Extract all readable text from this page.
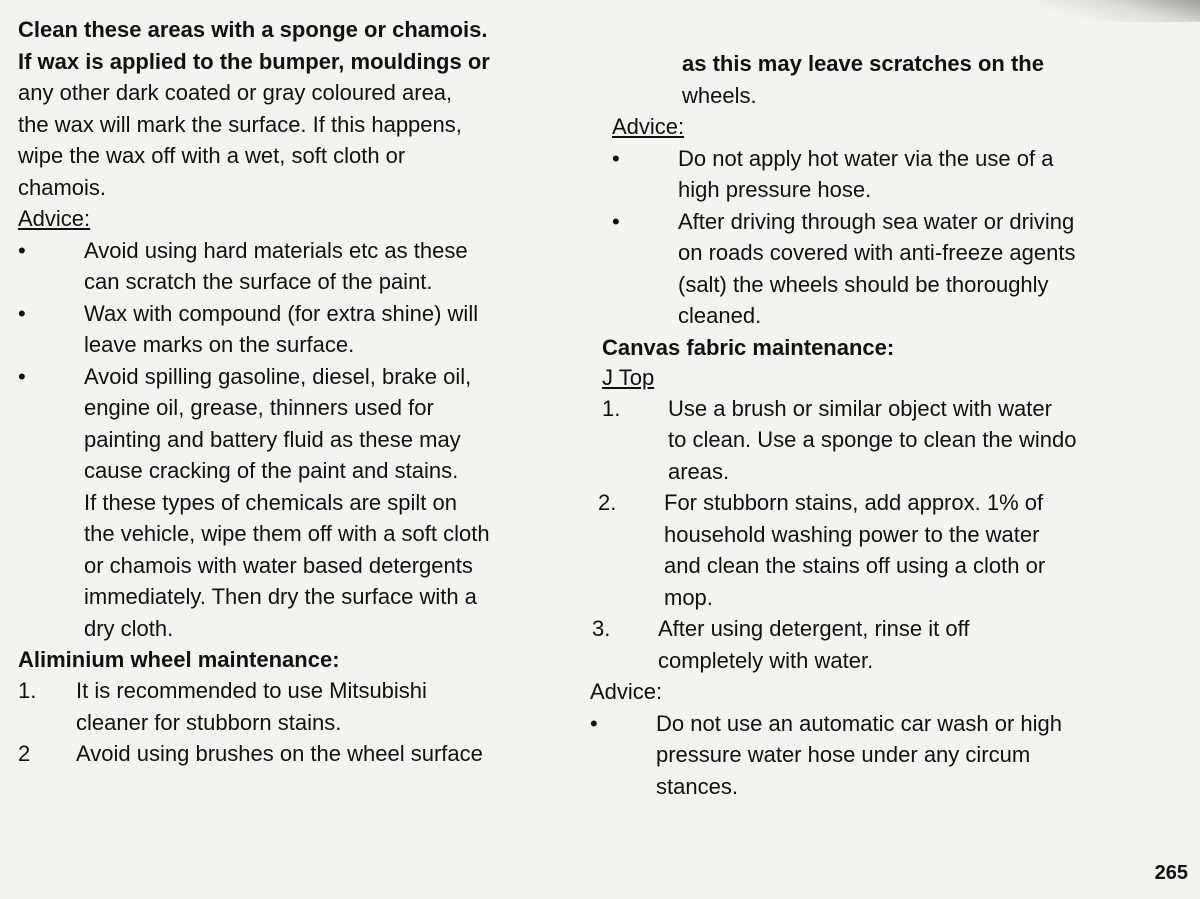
Clean these areas with a sponge or chamois.

If wax is applied to the bumper, mouldings or

any other dark coated or gray coloured area,

the wax will mark the surface. If this happens,

wipe the wax off with a wet, soft cloth or

chamois.

Advice:

•	Avoid using hard materials etc as these
can scratch the surface of the paint.
•	Wax with compound (for extra shine) will
leave marks on the surface.
•	Avoid spilling gasoline, diesel, brake oil,
engine oil, grease, thinners used for
painting and battery fluid as these may
cause cracking of the paint and stains.
If these types of chemicals are spilt on
the vehicle, wipe them off with a soft cloth
or chamois with water based detergents
immediately. Then dry the surface with a
dry cloth.

Aliminium wheel maintenance:

1.	It is recommended to use Mitsubishi
cleaner for stubborn stains.
2	Avoid using brushes on the wheel surface

as this may leave scratches on the

wheels.

Advice:

•	Do not apply hot water via the use of a
high pressure hose.
•	After driving through sea water or driving
on roads covered with anti-freeze agents
(salt) the wheels should be thoroughly
cleaned.

Canvas fabric maintenance:

J Top

1.	Use a brush or similar object with water
to clean. Use a sponge to clean the windo
areas.
2.	For stubborn stains, add approx. 1% of
household washing power to the water
and clean the stains off using a cloth or
mop.
3.	After using detergent, rinse it off
completely with water.

Advice:

•	Do not use an automatic car wash or high
pressure water hose under any circum
stances.
265
